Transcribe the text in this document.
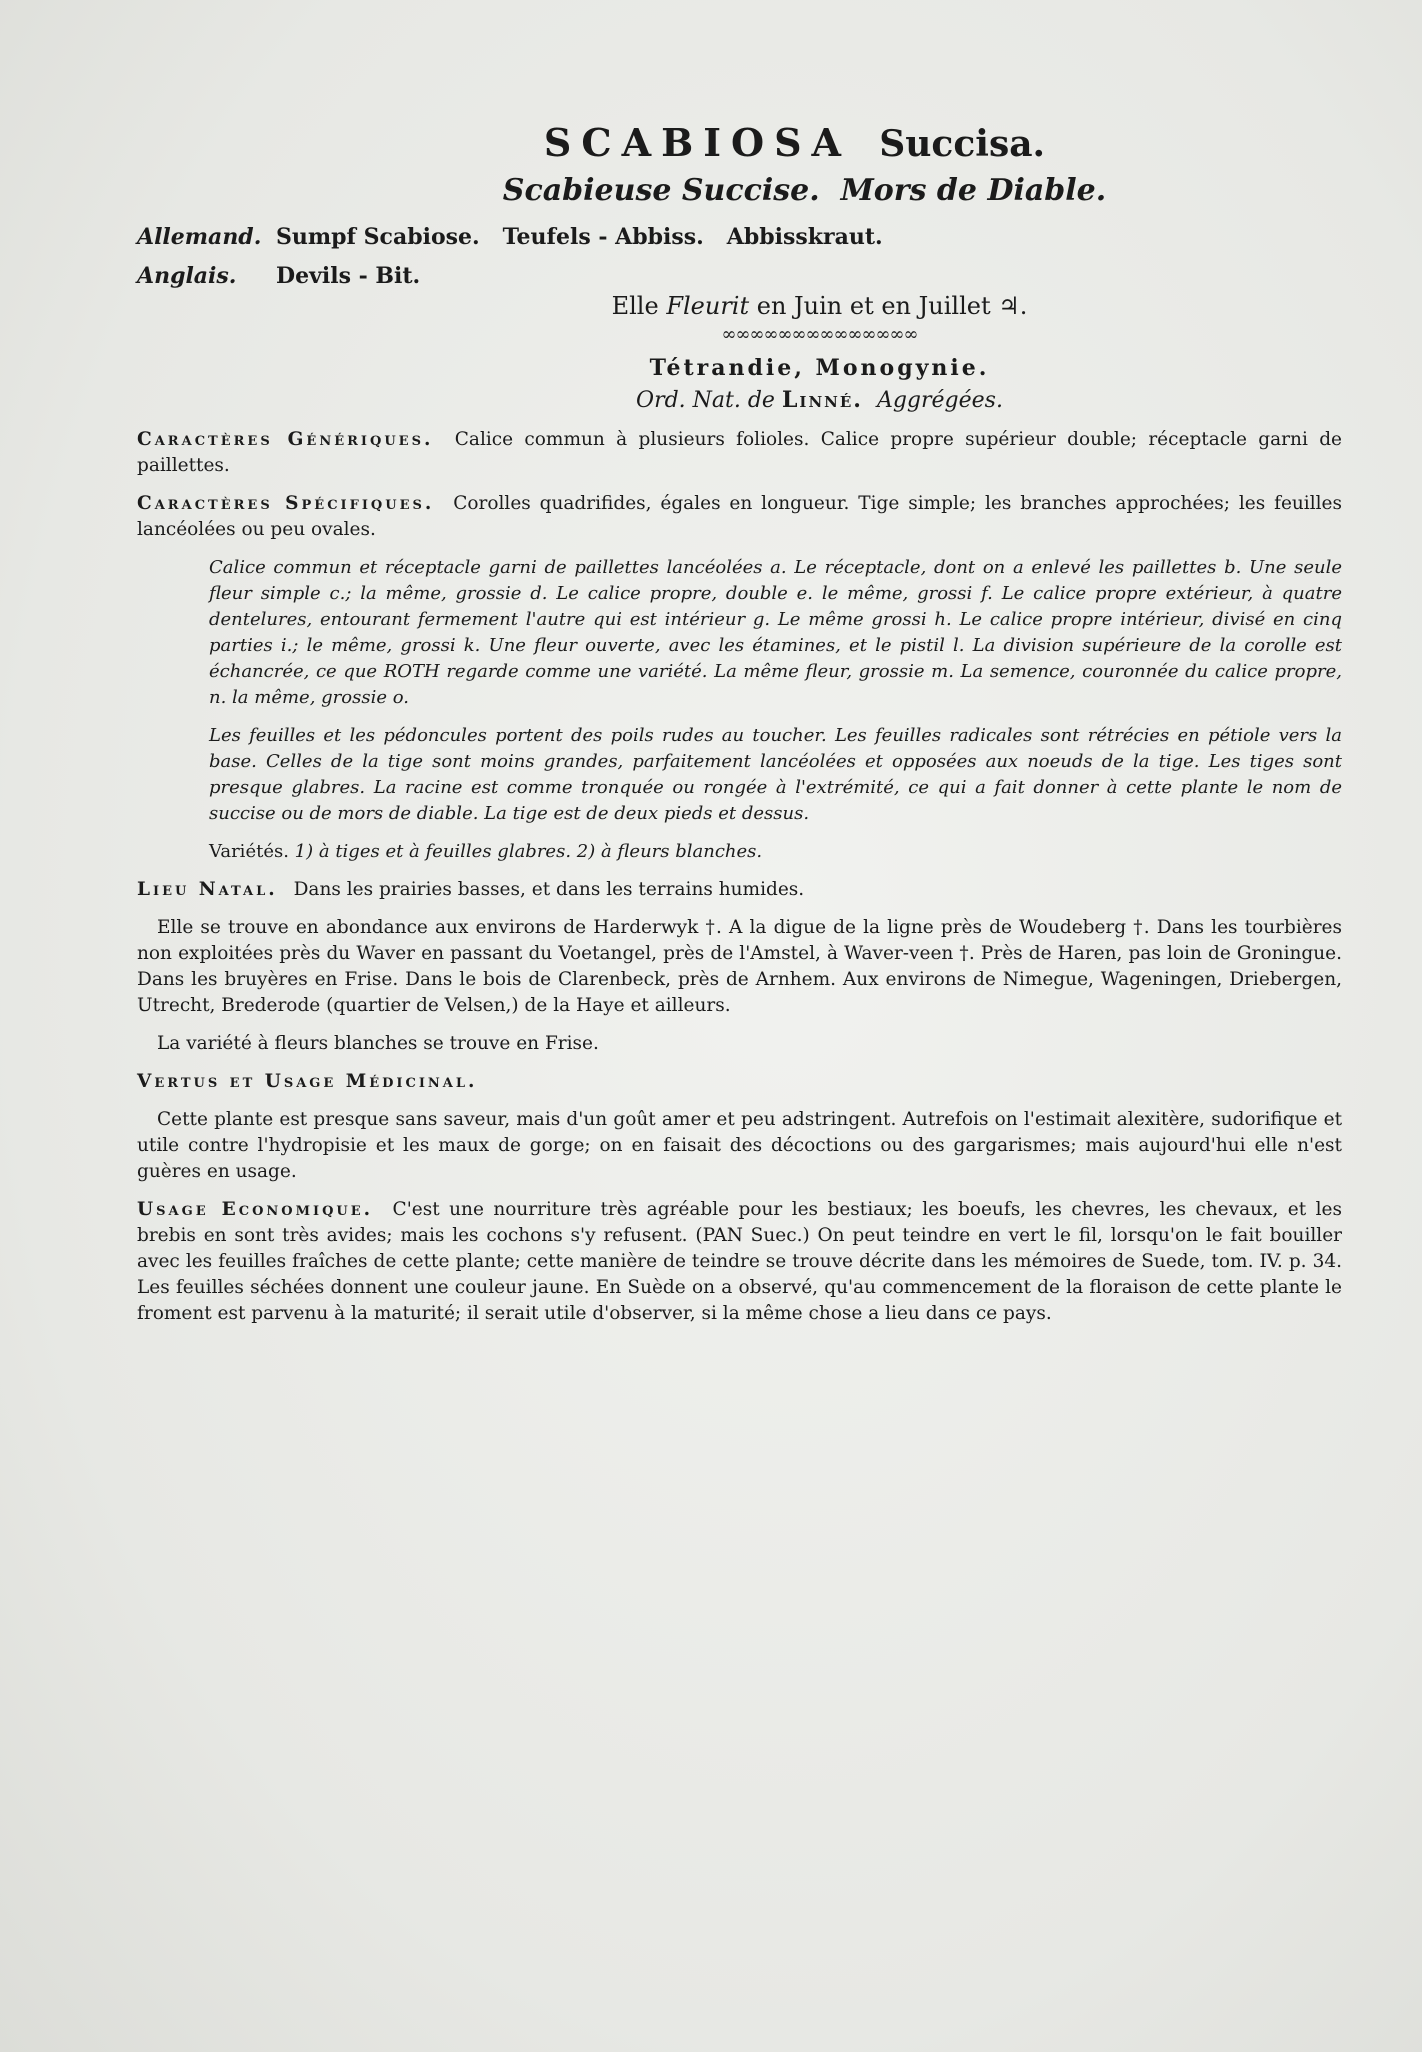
SCABIOSA Succisa.
Scabieuse Succise. Mors de Diable.
Allemand. Sumpf Scabiose. Teufels - Abbiss. Abbisskraut.
Anglais. Devils - Bit.
Elle Fleurit en Juin et en Juillet ♃.
∞∞∞∞∞∞∞∞∞∞∞∞∞∞
Tétrandie, Monogynie.
Ord. Nat. de Linné. Aggrégées.

Caractères Génériques. Calice commun à plusieurs folioles. Calice propre supérieur double; réceptacle garni de paillettes.

Caractères Spécifiques. Corolles quadrifides, égales en longueur. Tige simple; les branches approchées; les feuilles lancéolées ou peu ovales.

Calice commun et réceptacle garni de paillettes lancéolées a. Le réceptacle, dont on a enlevé les paillettes b. Une seule fleur simple c.; la même, grossie d. Le calice propre, double e. le même, grossi f. Le calice propre extérieur, à quatre dentelures, entourant fermement l'autre qui est intérieur g. Le même grossi h. Le calice propre intérieur, divisé en cinq parties i.; le même, grossi k. Une fleur ouverte, avec les étamines, et le pistil l. La division supérieure de la corolle est échancrée, ce que ROTH regarde comme une variété. La même fleur, grossie m. La semence, couronnée du calice propre, n. la même, grossie o.

Les feuilles et les pédoncules portent des poils rudes au toucher. Les feuilles radicales sont rétrécies en pétiole vers la base. Celles de la tige sont moins grandes, parfaitement lancéolées et opposées aux noeuds de la tige. Les tiges sont presque glabres. La racine est comme tronquée ou rongée à l'extrémité, ce qui a fait donner à cette plante le nom de succise ou de mors de diable. La tige est de deux pieds et dessus.

Variétés. 1) à tiges et à feuilles glabres. 2) à fleurs blanches.

Lieu Natal. Dans les prairies basses, et dans les terrains humides.

Elle se trouve en abondance aux environs de Harderwyk †. A la digue de la ligne près de Woudeberg †. Dans les tourbières non exploitées près du Waver en passant du Voetangel, près de l'Amstel, à Waver-veen †. Près de Haren, pas loin de Groningue. Dans les bruyères en Frise. Dans le bois de Clarenbeck, près de Arnhem. Aux environs de Nimegue, Wageningen, Driebergen, Utrecht, Brederode (quartier de Velsen,) de la Haye et ailleurs.

La variété à fleurs blanches se trouve en Frise.

Vertus et Usage Médicinal.

Cette plante est presque sans saveur, mais d'un goût amer et peu adstringent. Autrefois on l'estimait alexitère, sudorifique et utile contre l'hydropisie et les maux de gorge; on en faisait des décoctions ou des gargarismes; mais aujourd'hui elle n'est guères en usage.

Usage Economique. C'est une nourriture très agréable pour les bestiaux; les boeufs, les chevres, les chevaux, et les brebis en sont très avides; mais les cochons s'y refusent. (PAN Suec.) On peut teindre en vert le fil, lorsqu'on le fait bouiller avec les feuilles fraîches de cette plante; cette manière de teindre se trouve décrite dans les mémoires de Suede, tom. IV. p. 34. Les feuilles séchées donnent une couleur jaune. En Suède on a observé, qu'au commencement de la floraison de cette plante le froment est parvenu à la maturité; il serait utile d'observer, si la même chose a lieu dans ce pays.
